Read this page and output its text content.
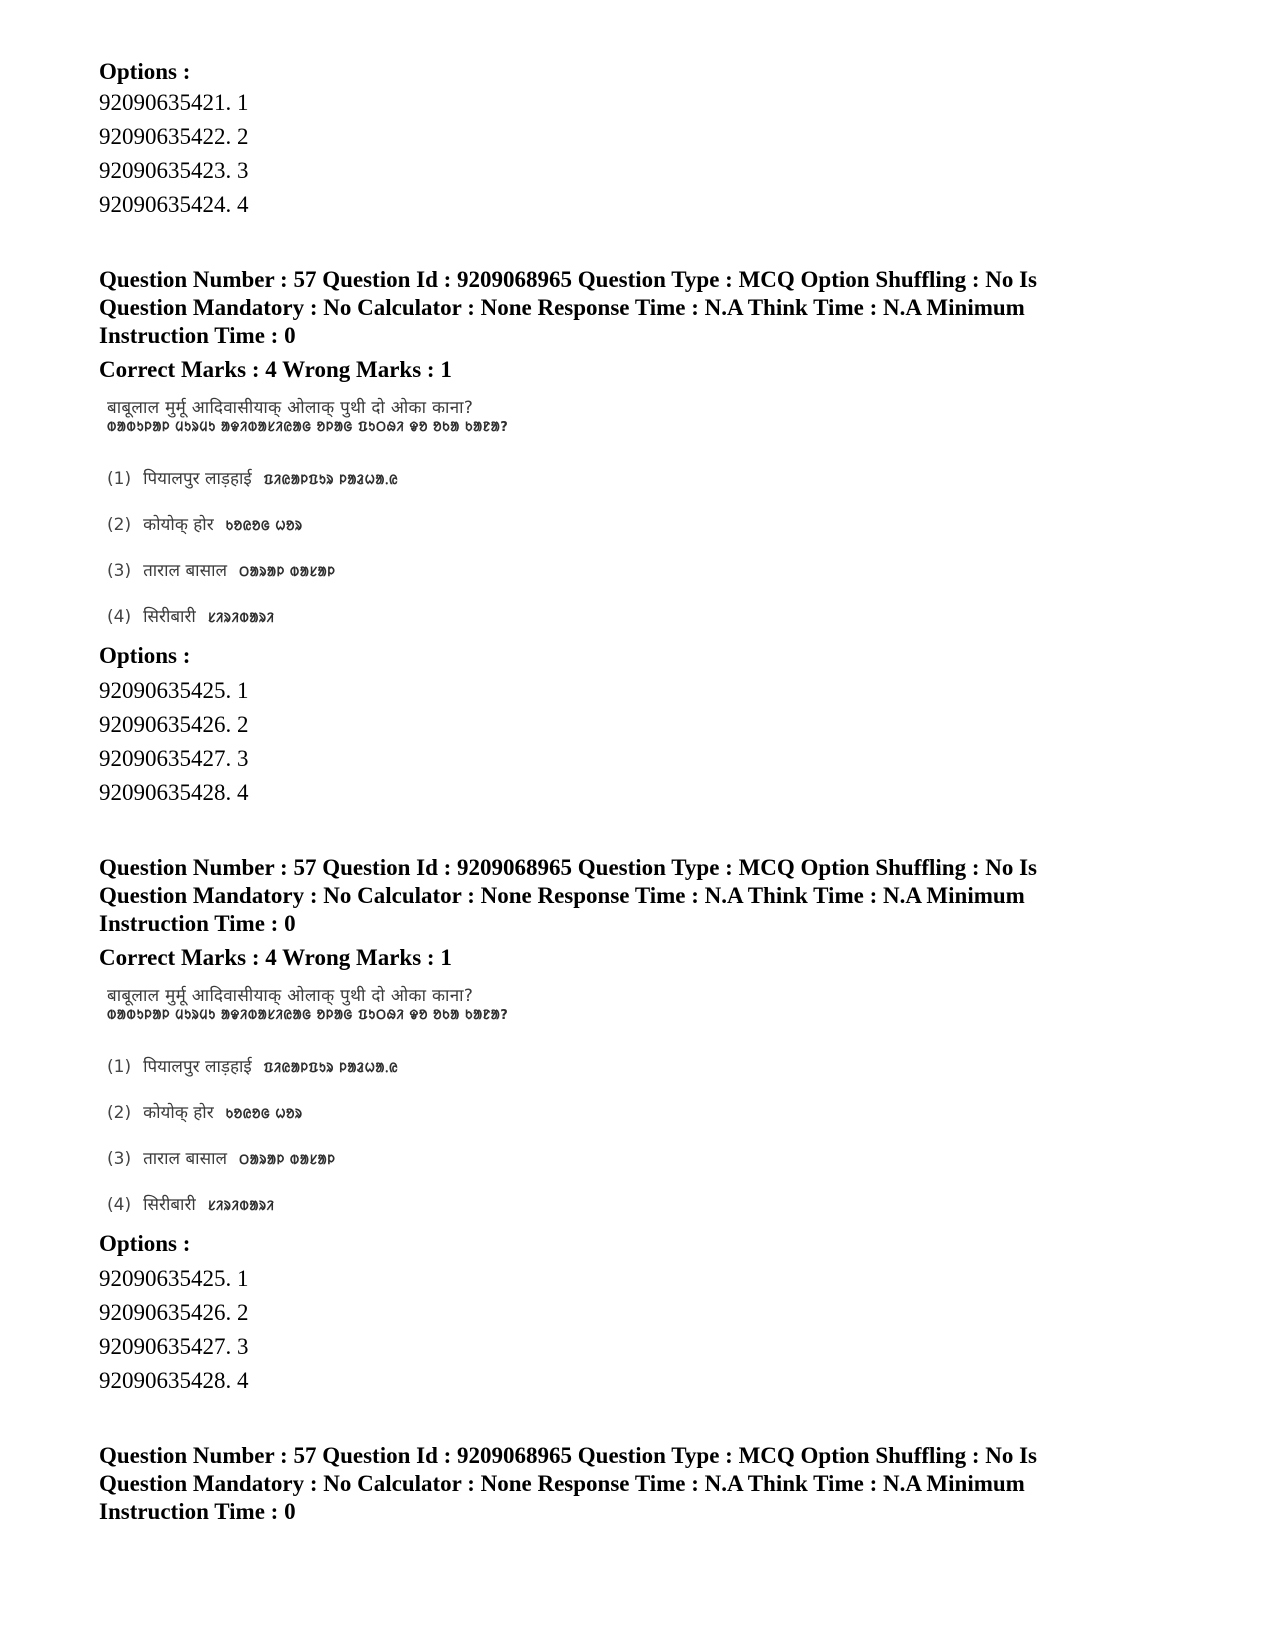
Options :

92090635421. 1

92090635422. 2

92090635423. 3

92090635424. 4

Question Number : 57 Question Id : 9209068965 Question Type : MCQ Option Shuffling : No Is

Question Mandatory : No Calculator : None Response Time : N.A Think Time : N.A Minimum

Instruction Time : 0

Correct Marks : 4 Wrong Marks : 1

बाबूलाल मुर्मू आदिवासीयाक् ओलाक् पुथी दो ओका काना?
ᱵᱟᱵᱩᱞᱟᱞ ᱢᱩᱨᱢᱩ ᱟᱫᱤᱵᱟᱥᱤᱭᱟᱜ ᱚᱞᱟᱜ ᱯᱩᱛᱷᱤ ᱫᱚ ᱚᱠᱟ ᱠᱟᱱᱟ?
(1) पियालपुर लाड़हाई ᱯᱤᱭᱟᱞᱯᱩᱨ ᱞᱟᱲᱦᱟᱹᱭ
(2) कोयोक् होर ᱠᱚᱭᱚᱜ ᱦᱚᱨ
(3) ताराल बासाल ᱛᱟᱨᱟᱞ ᱵᱟᱥᱟᱞ
(4) सिरीबारी ᱥᱤᱨᱤᱵᱟᱨᱤ

Options :

92090635425. 1

92090635426. 2

92090635427. 3

92090635428. 4

Question Number : 57 Question Id : 9209068965 Question Type : MCQ Option Shuffling : No Is

Question Mandatory : No Calculator : None Response Time : N.A Think Time : N.A Minimum

Instruction Time : 0

Correct Marks : 4 Wrong Marks : 1

बाबूलाल मुर्मू आदिवासीयाक् ओलाक् पुथी दो ओका काना?
ᱵᱟᱵᱩᱞᱟᱞ ᱢᱩᱨᱢᱩ ᱟᱫᱤᱵᱟᱥᱤᱭᱟᱜ ᱚᱞᱟᱜ ᱯᱩᱛᱷᱤ ᱫᱚ ᱚᱠᱟ ᱠᱟᱱᱟ?
(1) पियालपुर लाड़हाई ᱯᱤᱭᱟᱞᱯᱩᱨ ᱞᱟᱲᱦᱟᱹᱭ
(2) कोयोक् होर ᱠᱚᱭᱚᱜ ᱦᱚᱨ
(3) ताराल बासाल ᱛᱟᱨᱟᱞ ᱵᱟᱥᱟᱞ
(4) सिरीबारी ᱥᱤᱨᱤᱵᱟᱨᱤ

Options :

92090635425. 1

92090635426. 2

92090635427. 3

92090635428. 4

Question Number : 57 Question Id : 9209068965 Question Type : MCQ Option Shuffling : No Is

Question Mandatory : No Calculator : None Response Time : N.A Think Time : N.A Minimum

Instruction Time : 0
